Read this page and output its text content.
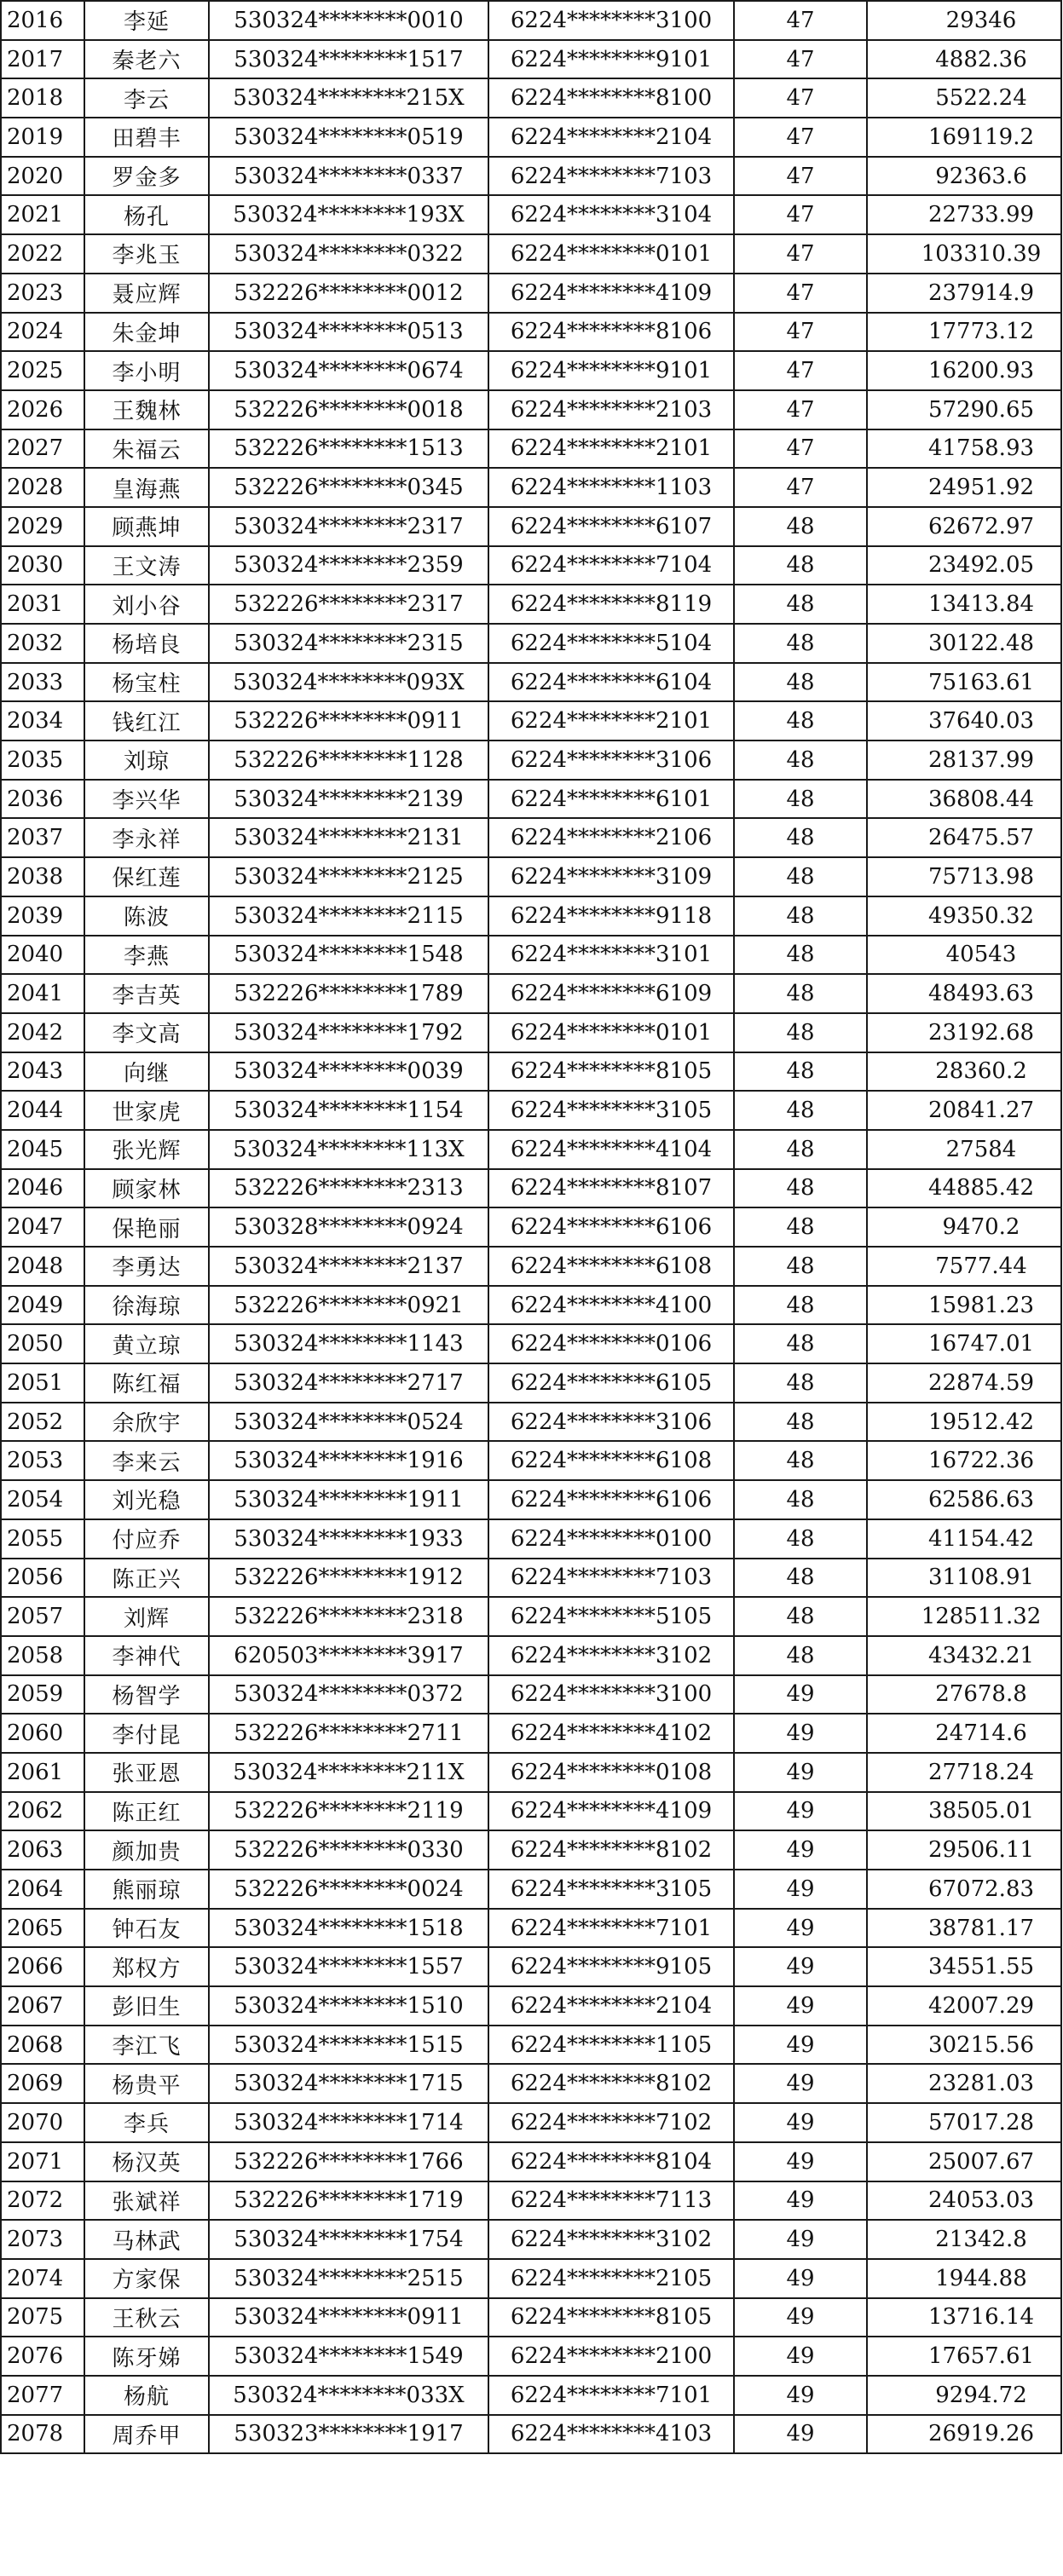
2016	李延	530324********0010	6224********3100	47	29346
2017	秦老六	530324********1517	6224********9101	47	4882.36
2018	李云	530324********215X	6224********8100	47	5522.24
2019	田碧丰	530324********0519	6224********2104	47	169119.2
2020	罗金多	530324********0337	6224********7103	47	92363.6
2021	杨孔	530324********193X	6224********3104	47	22733.99
2022	李兆玉	530324********0322	6224********0101	47	103310.39
2023	聂应辉	532226********0012	6224********4109	47	237914.9
2024	朱金坤	530324********0513	6224********8106	47	17773.12
2025	李小明	530324********0674	6224********9101	47	16200.93
2026	王魏林	532226********0018	6224********2103	47	57290.65
2027	朱福云	532226********1513	6224********2101	47	41758.93
2028	皇海燕	532226********0345	6224********1103	47	24951.92
2029	顾燕坤	530324********2317	6224********6107	48	62672.97
2030	王文涛	530324********2359	6224********7104	48	23492.05
2031	刘小谷	532226********2317	6224********8119	48	13413.84
2032	杨培良	530324********2315	6224********5104	48	30122.48
2033	杨宝柱	530324********093X	6224********6104	48	75163.61
2034	钱红江	532226********0911	6224********2101	48	37640.03
2035	刘琼	532226********1128	6224********3106	48	28137.99
2036	李兴华	530324********2139	6224********6101	48	36808.44
2037	李永祥	530324********2131	6224********2106	48	26475.57
2038	保红莲	530324********2125	6224********3109	48	75713.98
2039	陈波	530324********2115	6224********9118	48	49350.32
2040	李燕	530324********1548	6224********3101	48	40543
2041	李吉英	532226********1789	6224********6109	48	48493.63
2042	李文高	530324********1792	6224********0101	48	23192.68
2043	向继	530324********0039	6224********8105	48	28360.2
2044	世家虎	530324********1154	6224********3105	48	20841.27
2045	张光辉	530324********113X	6224********4104	48	27584
2046	顾家林	532226********2313	6224********8107	48	44885.42
2047	保艳丽	530328********0924	6224********6106	48	9470.2
2048	李勇达	530324********2137	6224********6108	48	7577.44
2049	徐海琼	532226********0921	6224********4100	48	15981.23
2050	黄立琼	530324********1143	6224********0106	48	16747.01
2051	陈红福	530324********2717	6224********6105	48	22874.59
2052	余欣宇	530324********0524	6224********3106	48	19512.42
2053	李来云	530324********1916	6224********6108	48	16722.36
2054	刘光稳	530324********1911	6224********6106	48	62586.63
2055	付应乔	530324********1933	6224********0100	48	41154.42
2056	陈正兴	532226********1912	6224********7103	48	31108.91
2057	刘辉	532226********2318	6224********5105	48	128511.32
2058	李神代	620503********3917	6224********3102	48	43432.21
2059	杨智学	530324********0372	6224********3100	49	27678.8
2060	李付昆	532226********2711	6224********4102	49	24714.6
2061	张亚恩	530324********211X	6224********0108	49	27718.24
2062	陈正红	532226********2119	6224********4109	49	38505.01
2063	颜加贵	532226********0330	6224********8102	49	29506.11
2064	熊丽琼	532226********0024	6224********3105	49	67072.83
2065	钟石友	530324********1518	6224********7101	49	38781.17
2066	郑权方	530324********1557	6224********9105	49	34551.55
2067	彭旧生	530324********1510	6224********2104	49	42007.29
2068	李江飞	530324********1515	6224********1105	49	30215.56
2069	杨贵平	530324********1715	6224********8102	49	23281.03
2070	李兵	530324********1714	6224********7102	49	57017.28
2071	杨汉英	532226********1766	6224********8104	49	25007.67
2072	张斌祥	532226********1719	6224********7113	49	24053.03
2073	马林武	530324********1754	6224********3102	49	21342.8
2074	方家保	530324********2515	6224********2105	49	1944.88
2075	王秋云	530324********0911	6224********8105	49	13716.14
2076	陈牙娣	530324********1549	6224********2100	49	17657.61
2077	杨航	530324********033X	6224********7101	49	9294.72
2078	周乔甲	530323********1917	6224********4103	49	26919.26
